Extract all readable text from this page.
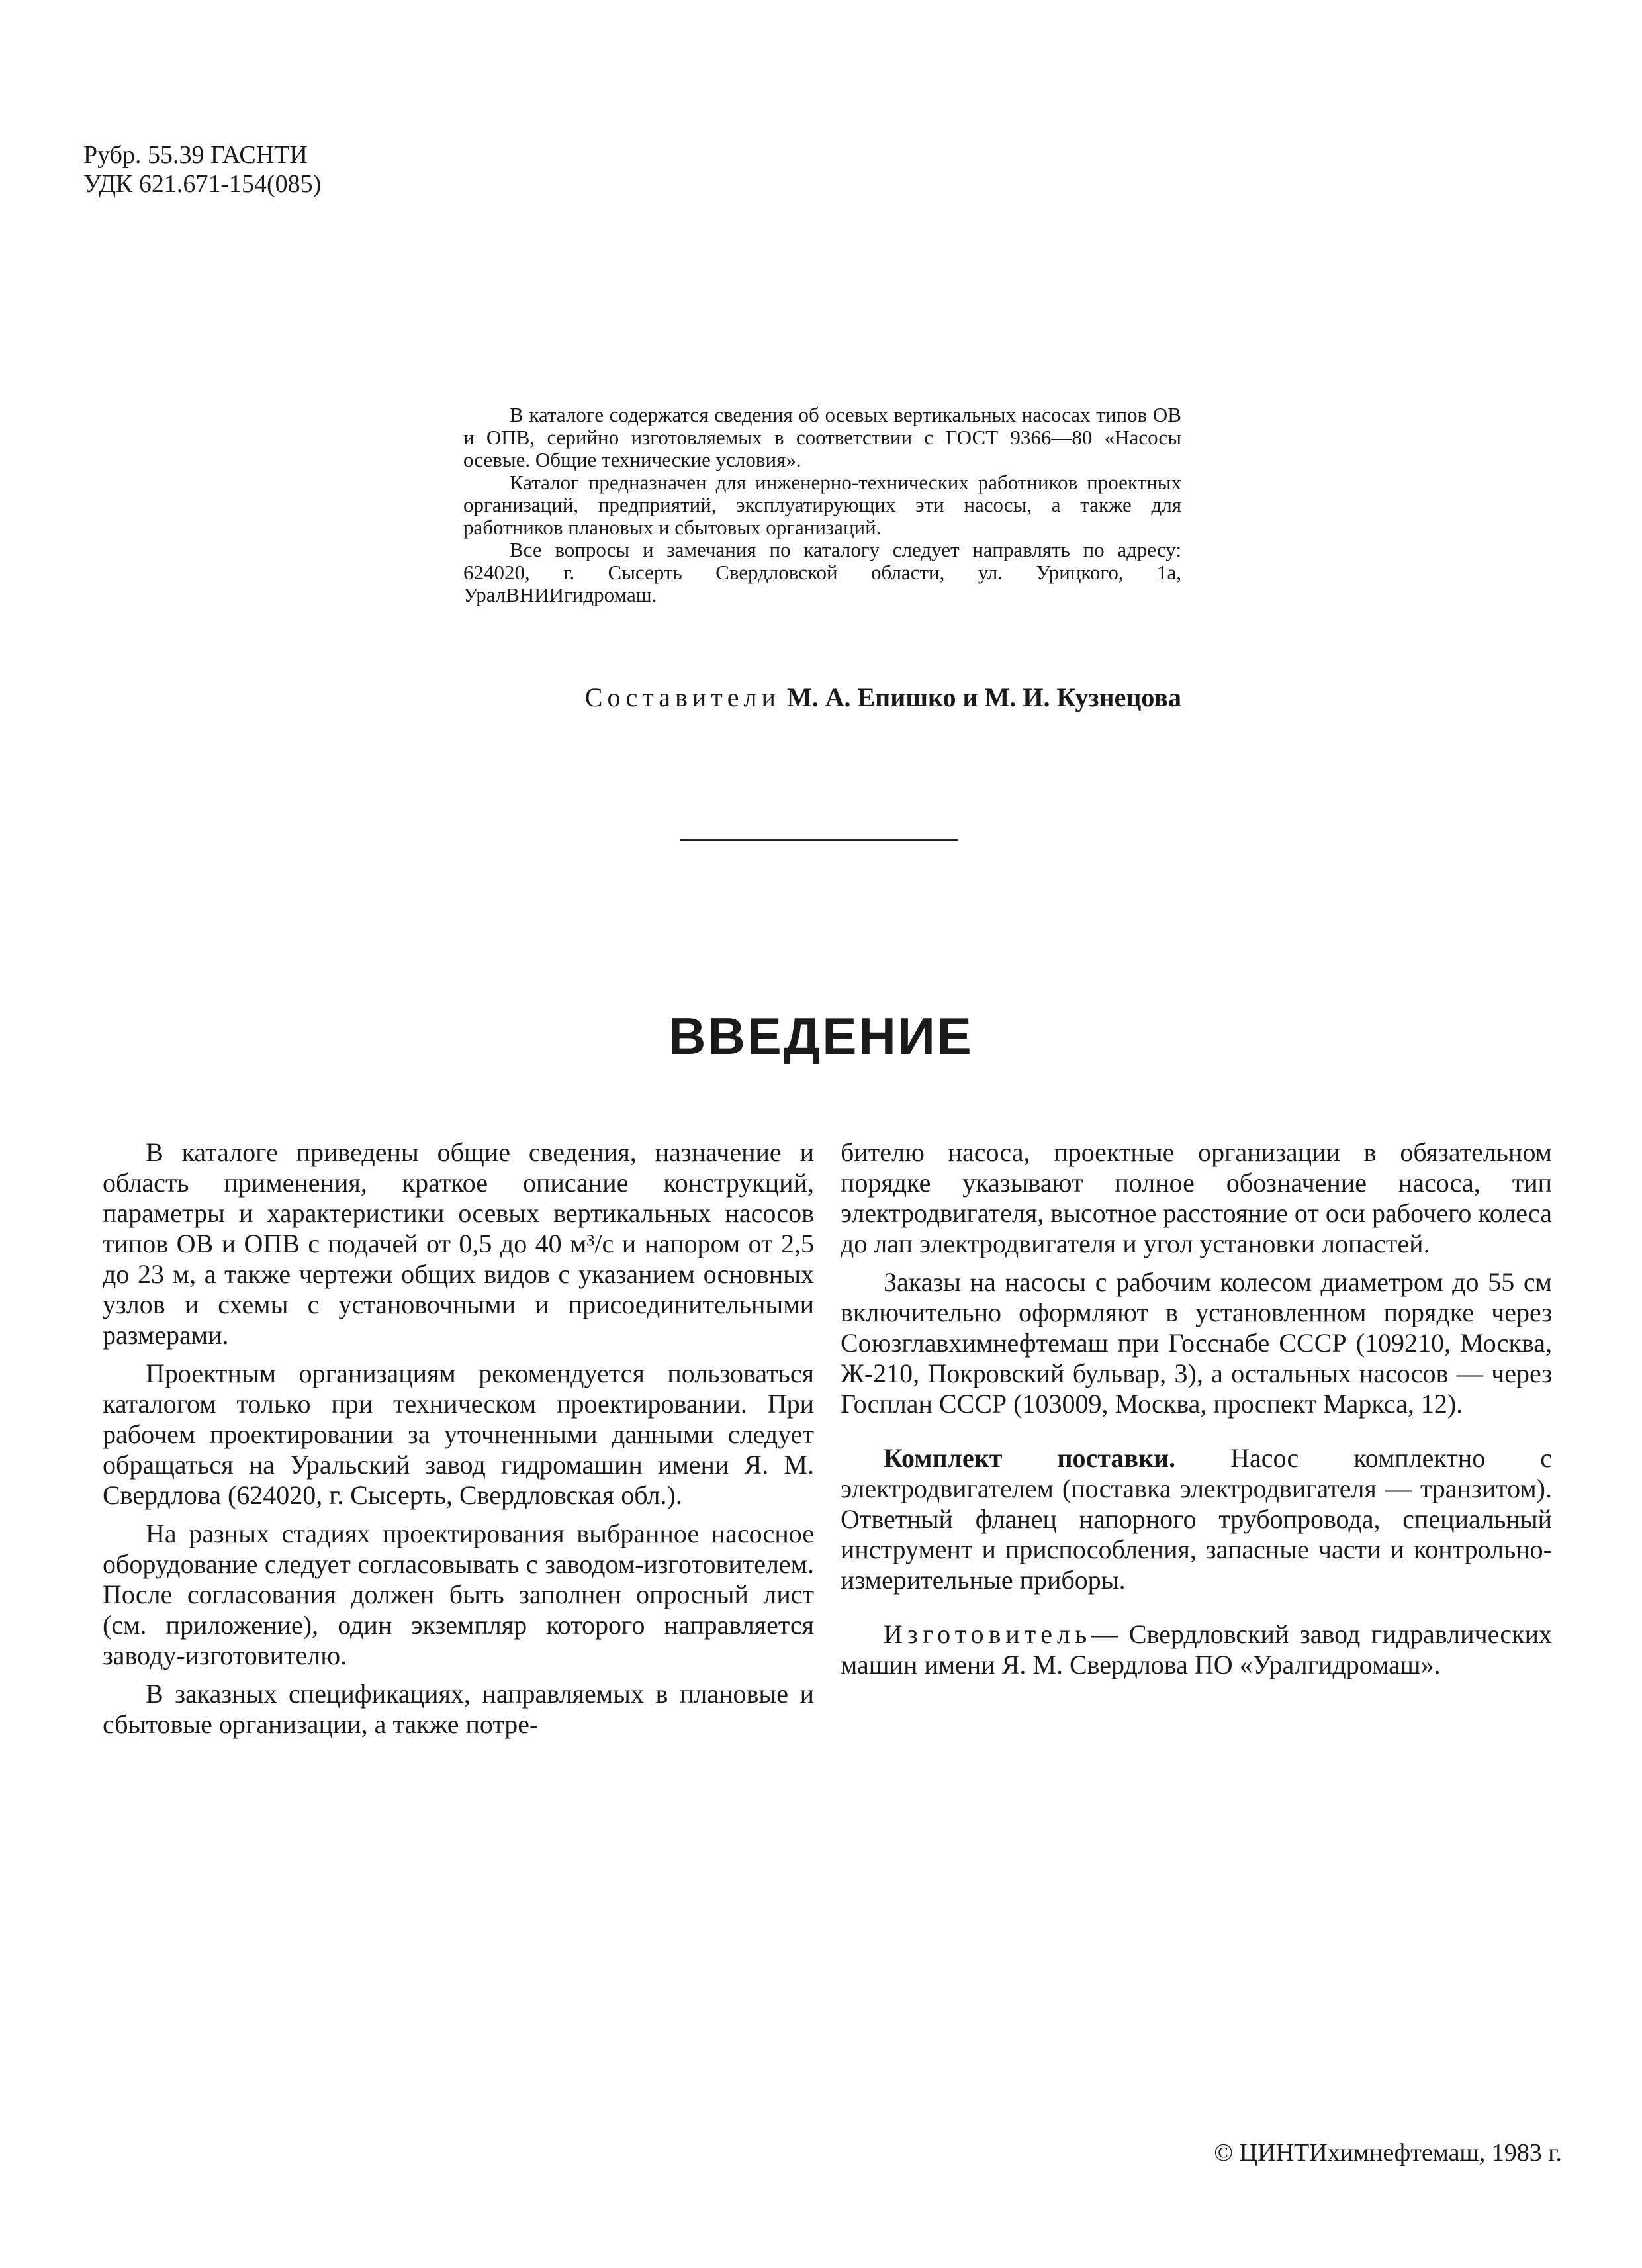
Рубр. 55.39 ГАСНТИ
УДК 621.671-154(085)

В каталоге содержатся сведения об осевых вертикальных насосах типов ОВ и ОПВ, серийно изготовляемых в соответствии с ГОСТ 9366—80 «Насосы осевые. Общие технические условия».

Каталог предназначен для инженерно-технических работников проектных организаций, предприятий, эксплуатирующих эти насосы, а также для работников плановых и сбытовых организаций.

Все вопросы и замечания по каталогу следует направлять по адресу: 624020, г. Сысерть Свердловской области, ул. Урицкого, 1а, УралВНИИгидромаш.

Составители М. А. Епишко и М. И. Кузнецова
ВВЕДЕНИЕ

В каталоге приведены общие сведения, назначение и область применения, краткое описание конструкций, параметры и характеристики осевых вертикальных насосов типов ОВ и ОПВ с подачей от 0,5 до 40 м³/с и напором от 2,5 до 23 м, а также чертежи общих видов с указанием основных узлов и схемы с установочными и присоединительными размерами.

Проектным организациям рекомендуется пользоваться каталогом только при техническом проектировании. При рабочем проектировании за уточненными данными следует обращаться на Уральский завод гидромашин имени Я. М. Свердлова (624020, г. Сысерть, Свердловская обл.).

На разных стадиях проектирования выбранное насосное оборудование следует согласовывать с заводом-изготовителем. После согласования должен быть заполнен опросный лист (см. приложение), один экземпляр которого направляется заводу-изготовителю.

В заказных спецификациях, направляемых в плановые и сбытовые организации, а также потре-

бителю насоса, проектные организации в обязательном порядке указывают полное обозначение насоса, тип электродвигателя, высотное расстояние от оси рабочего колеса до лап электродвигателя и угол установки лопастей.

Заказы на насосы с рабочим колесом диаметром до 55 см включительно оформляют в установленном порядке через Союзглавхимнефтемаш при Госснабе СССР (109210, Москва, Ж-210, Покровский бульвар, 3), а остальных насосов — через Госплан СССР (103009, Москва, проспект Маркса, 12).

Комплект поставки. Насос комплектно с электродвигателем (поставка электродвигателя — транзитом). Ответный фланец напорного трубопровода, специальный инструмент и приспособления, запасные части и контрольно-измерительные приборы.

Изготовитель— Свердловский завод гидравлических машин имени Я. М. Свердлова ПО «Уралгидромаш».

© ЦИНТИхимнефтемаш, 1983 г.
